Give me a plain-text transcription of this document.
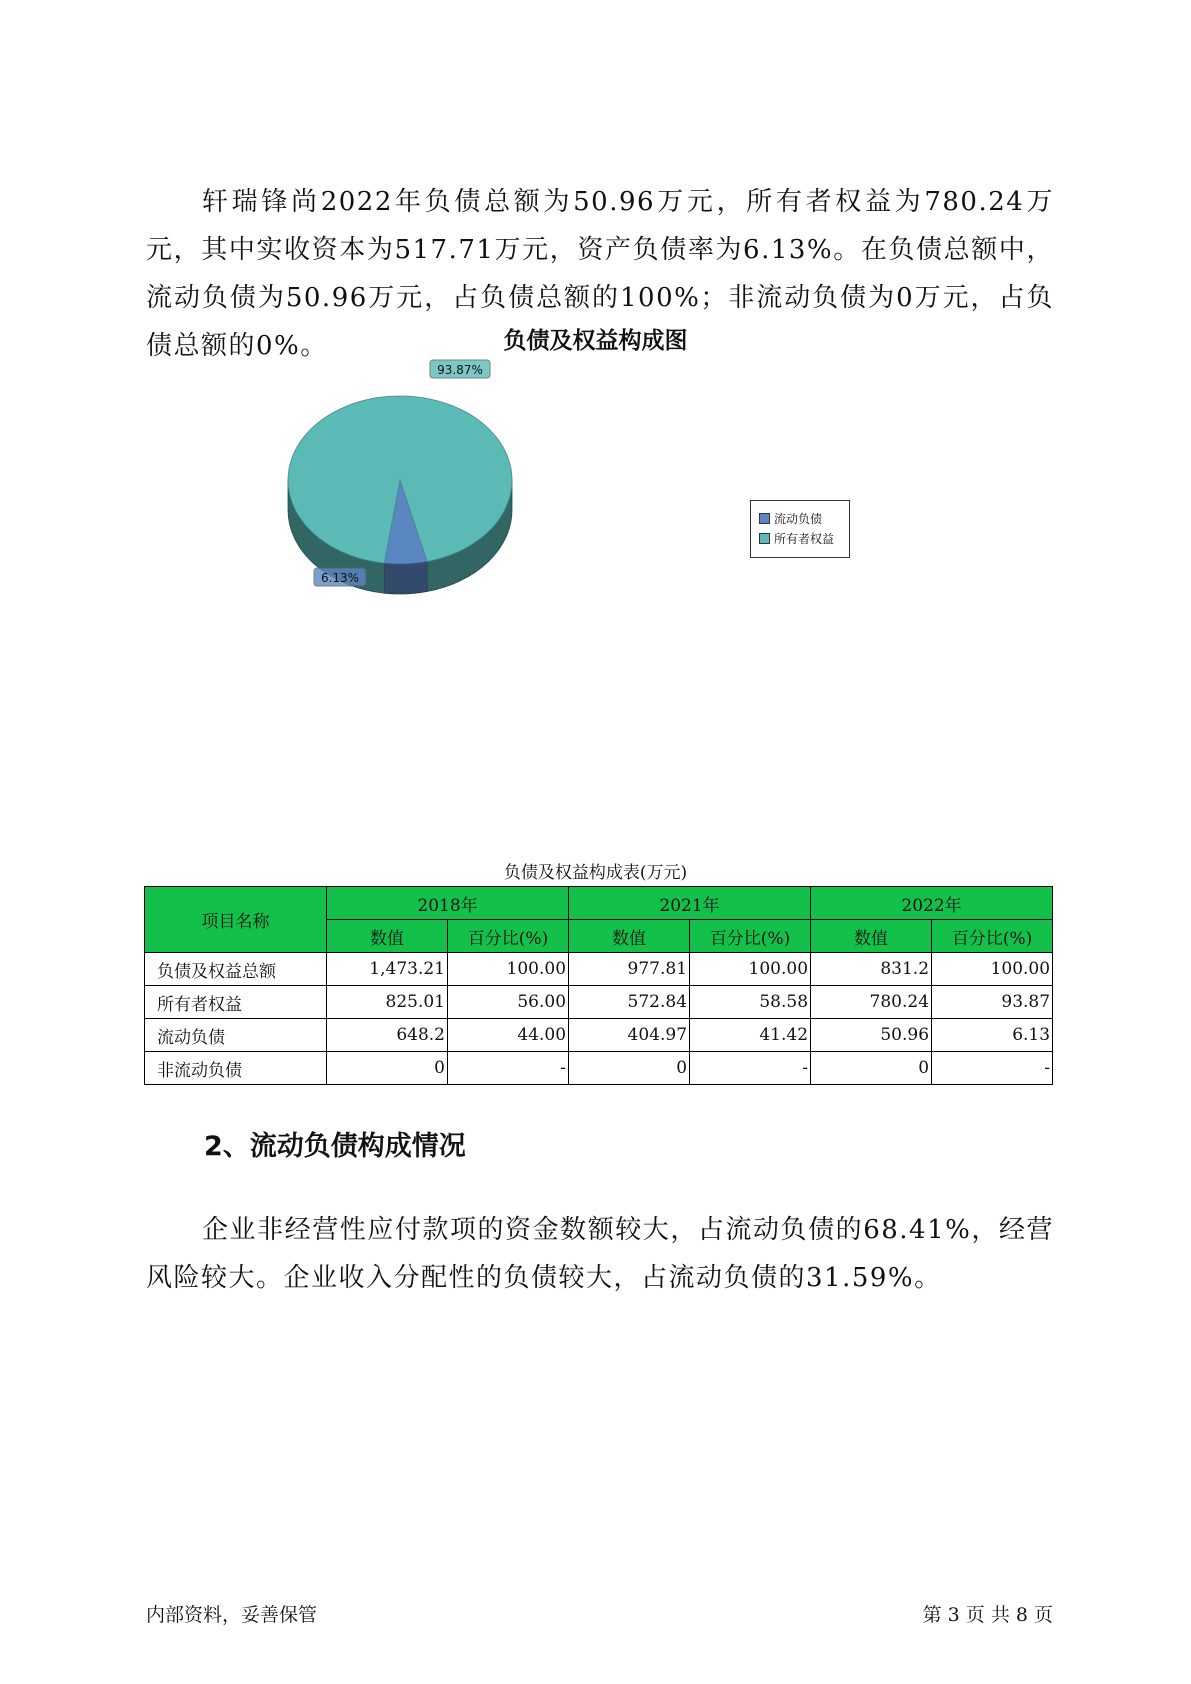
轩瑞锋尚2022年负债总额为50.96万元，所有者权益为780.24万元，其中实收资本为517.71万元，资产负债率为6.13%。在负债总额中，流动负债为50.96万元，占负债总额的100%；非流动负债为0万元，占负债总额的0%。	负债及权益构成图
6.13%
93.87%
流动负债
所有者权益
负债及权益构成表(万元)
项目名称	2018年		2021年		2022年	
	数值	百分比(%)	数值	百分比(%)	数值	百分比(%)
负债及权益总额	1,473.21	100.00	977.81	100.00	831.2	100.00
所有者权益	825.01	56.00	572.84	58.58	780.24	93.87
流动负债	648.2	44.00	404.97	41.42	50.96	6.13
非流动负债	0	-	0	-	0	-
2、流动负债构成情况

企业非经营性应付款项的资金数额较大，占流动负债的68.41%，经营风险较大。企业收入分配性的负债较大，占流动负债的31.59%。

内部资料，妥善保管	第 3 页 共 8 页
